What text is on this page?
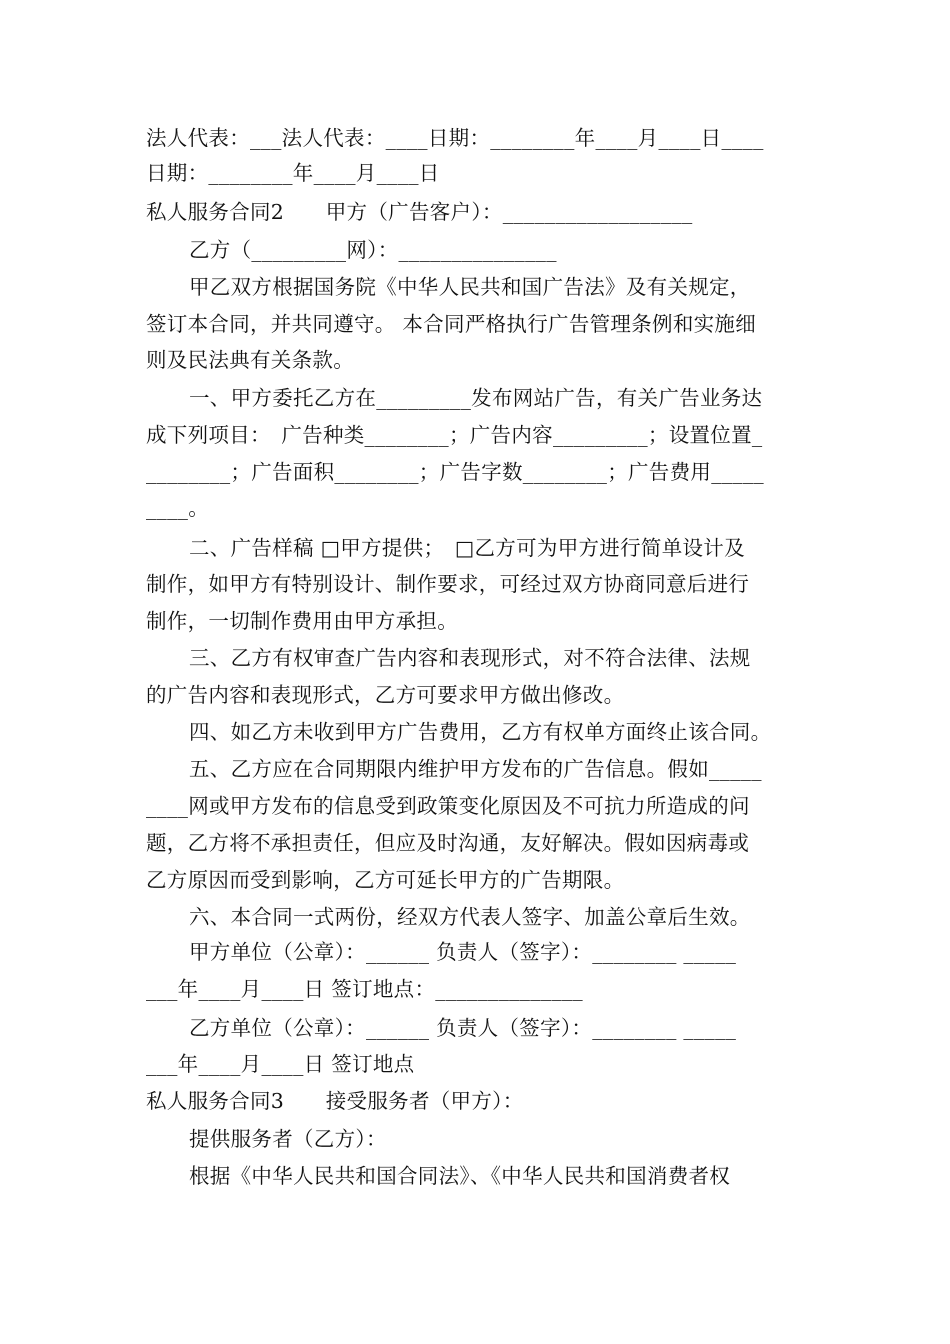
法人代表：___法人代表：____日期：________年____月____日____
日期：________年____月____日
私人服务合同2　　甲方（广告客户）：__________________
乙方（_________网）：_______________
甲乙双方根据国务院《中华人民共和国广告法》及有关规定，
签订本合同，并共同遵守。 本合同严格执行广告管理条例和实施细
则及民法典有关条款。
一、甲方委托乙方在_________发布网站广告，有关广告业务达
成下列项目：　广告种类________；广告内容_________；设置位置_
________；广告面积________；广告字数________；广告费用_____
____。
二、广告样稿 □甲方提供；　□乙方可为甲方进行简单设计及
制作，如甲方有特别设计、制作要求，可经过双方协商同意后进行
制作，一切制作费用由甲方承担。
三、乙方有权审查广告内容和表现形式，对不符合法律、法规
的广告内容和表现形式，乙方可要求甲方做出修改。
四、如乙方未收到甲方广告费用，乙方有权单方面终止该合同。
五、乙方应在合同期限内维护甲方发布的广告信息。假如_____
____网或甲方发布的信息受到政策变化原因及不可抗力所造成的问
题，乙方将不承担责任，但应及时沟通，友好解决。假如因病毒或
乙方原因而受到影响，乙方可延长甲方的广告期限。
六、本合同一式两份，经双方代表人签字、加盖公章后生效。
甲方单位（公章）：______ 负责人（签字）：________ _____
___年____月____日 签订地点：______________
乙方单位（公章）：______ 负责人（签字）：________ _____
___年____月____日 签订地点
私人服务合同3　　接受服务者（甲方）：
提供服务者（乙方）：
根据《中华人民共和国合同法》、《中华人民共和国消费者权
